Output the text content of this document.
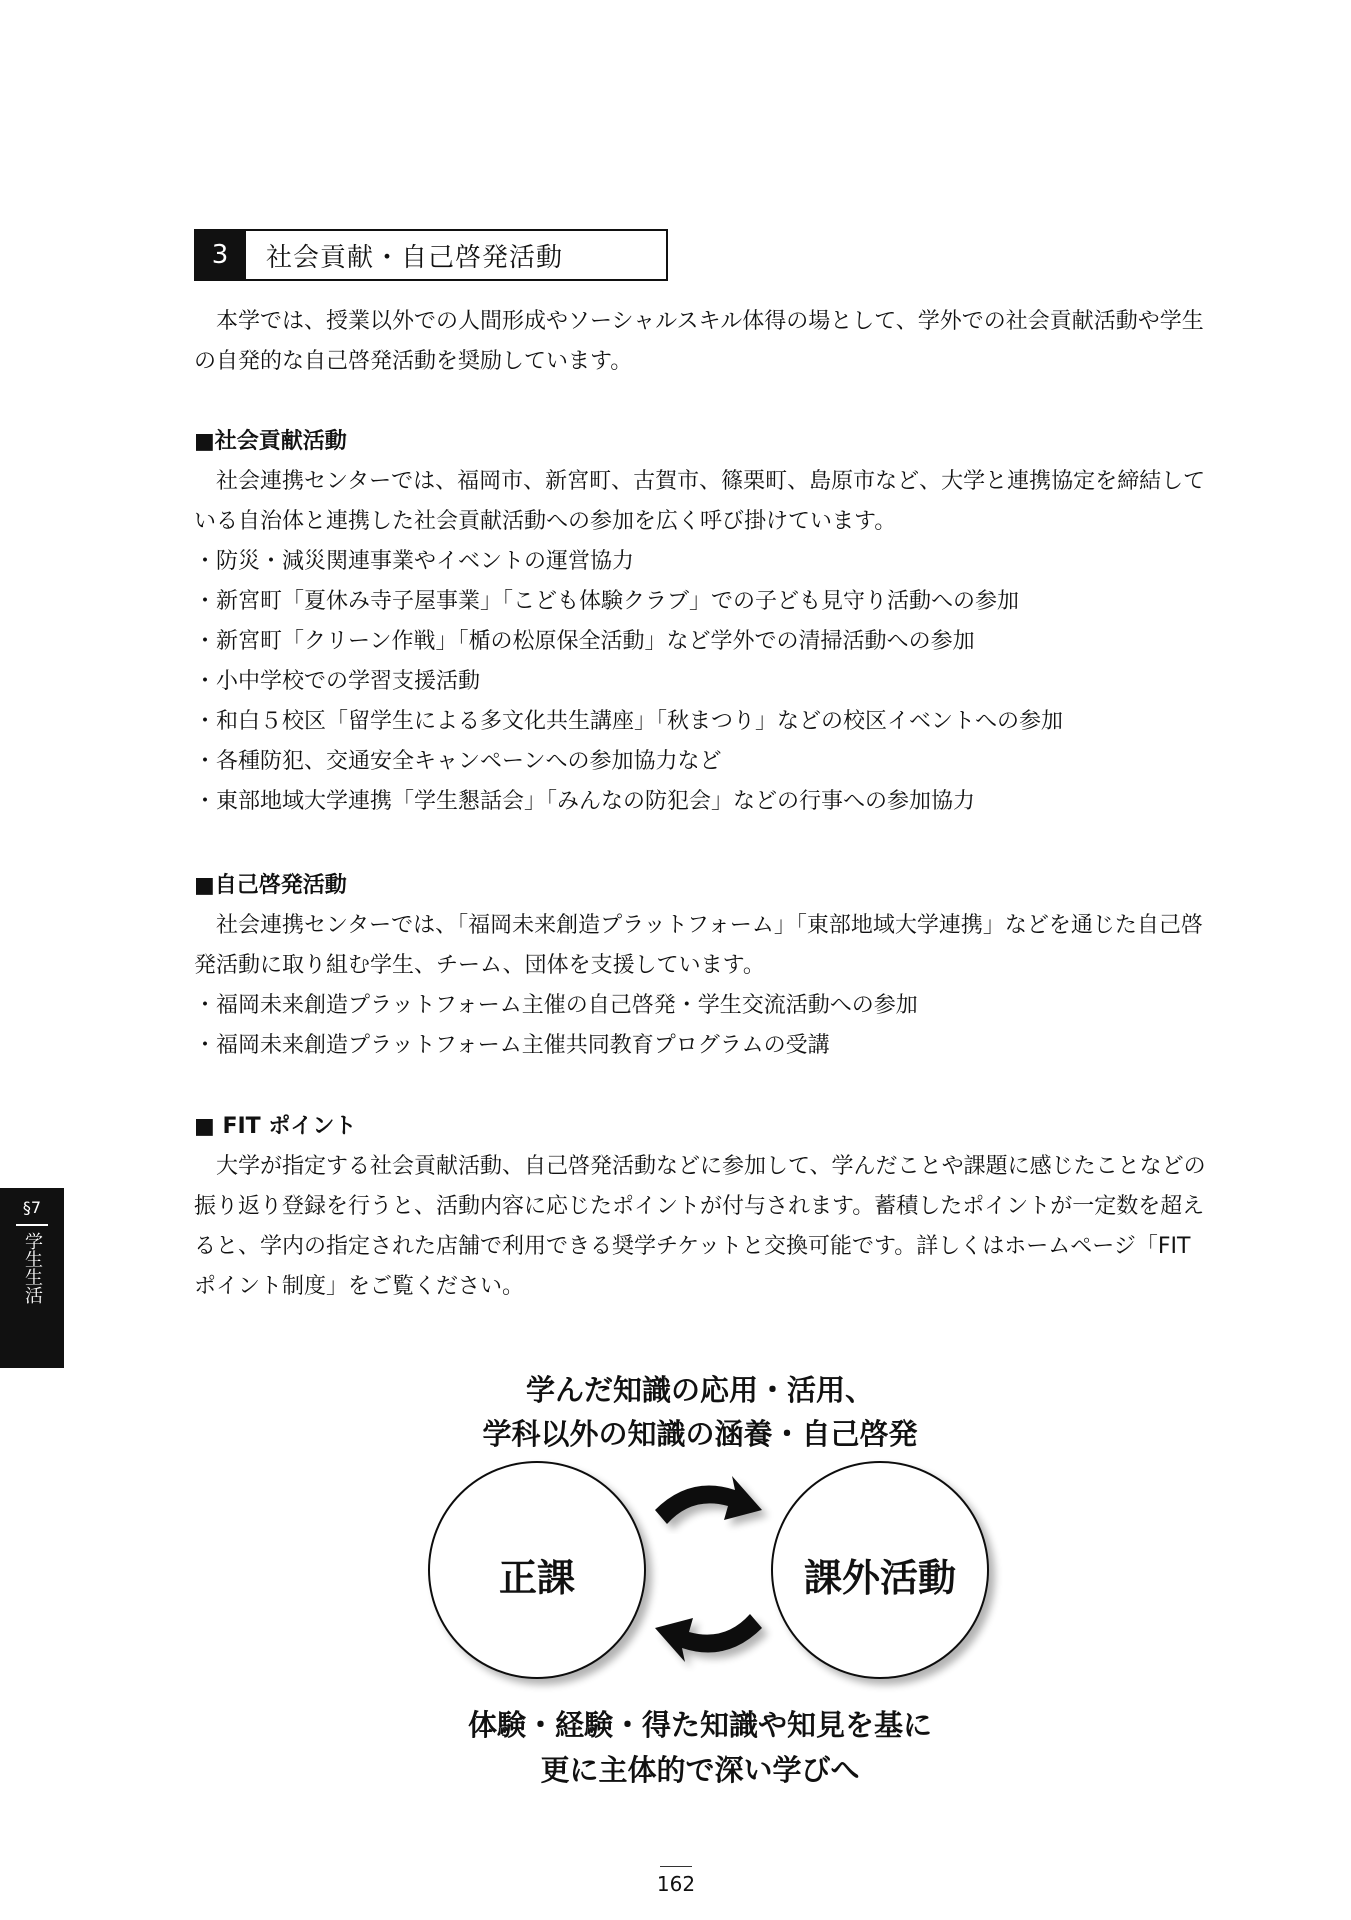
3	社会貢献・自己啓発活動

本学では、授業以外での人間形成やソーシャルスキル体得の場として、学外での社会貢献活動や学生

の自発的な自己啓発活動を奨励しています。

■社会貢献活動

社会連携センターでは、福岡市、新宮町、古賀市、篠栗町、島原市など、大学と連携協定を締結して

いる自治体と連携した社会貢献活動への参加を広く呼び掛けています。

・防災・減災関連事業やイベントの運営協力

・新宮町「夏休み寺子屋事業」「こども体験クラブ」での子ども見守り活動への参加

・新宮町「クリーン作戦」「楯の松原保全活動」など学外での清掃活動への参加

・小中学校での学習支援活動

・和白５校区「留学生による多文化共生講座」「秋まつり」などの校区イベントへの参加

・各種防犯、交通安全キャンペーンへの参加協力など

・東部地域大学連携「学生懇話会」「みんなの防犯会」などの行事への参加協力

■自己啓発活動

社会連携センターでは、「福岡未来創造プラットフォーム」「東部地域大学連携」などを通じた自己啓

発活動に取り組む学生、チーム、団体を支援しています。

・福岡未来創造プラットフォーム主催の自己啓発・学生交流活動への参加

・福岡未来創造プラットフォーム主催共同教育プログラムの受講

■ FIT ポイント

大学が指定する社会貢献活動、自己啓発活動などに参加して、学んだことや課題に感じたことなどの

振り返り登録を行うと、活動内容に応じたポイントが付与されます。蓄積したポイントが一定数を超え

ると、学内の指定された店舗で利用できる奨学チケットと交換可能です。詳しくはホームページ「FIT

ポイント制度」をご覧ください。

§7
学生生活
学んだ知識の応用・活用、
学科以外の知識の涵養・自己啓発
正課	課外活動
体験・経験・得た知識や知見を基に
更に主体的で深い学びへ
162
